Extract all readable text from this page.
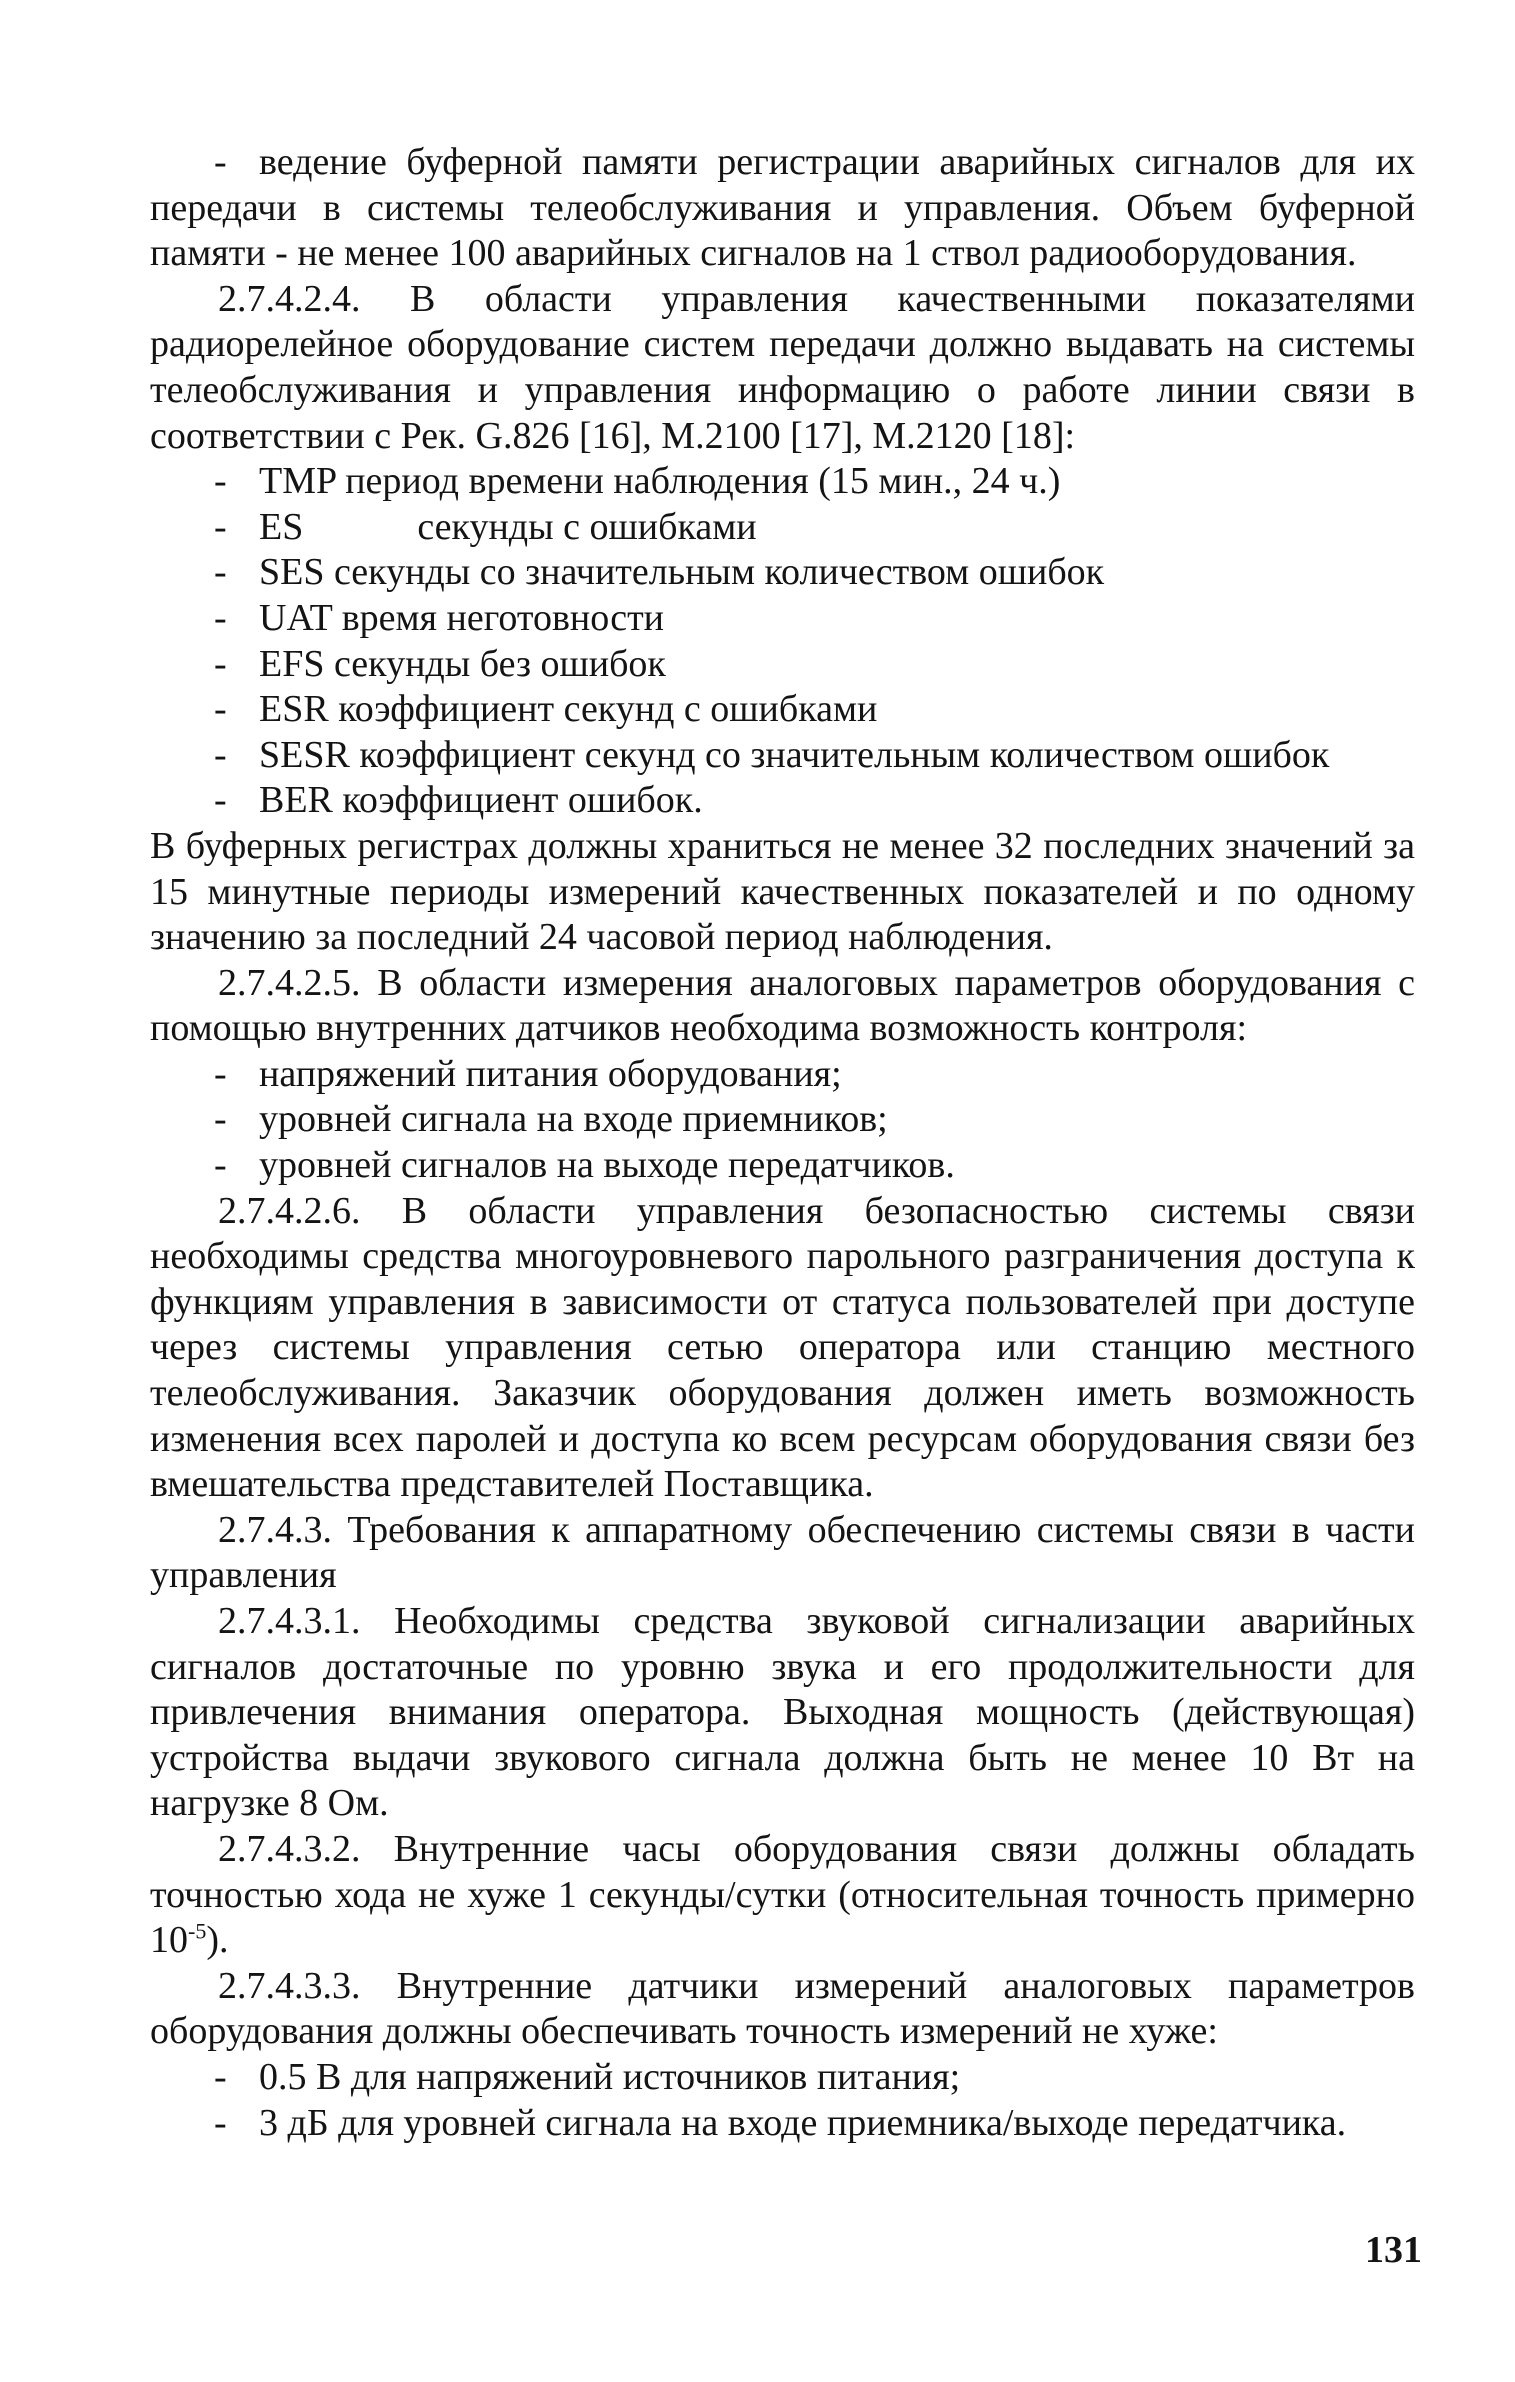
- ведение буферной памяти регистрации аварийных сигналов для их передачи в системы телеобслуживания и управления. Объем буферной памяти - не менее 100 аварийных сигналов на 1 ствол радиооборудования.

2.7.4.2.4. В области управления качественными показателями радиорелейное оборудование систем передачи должно выдавать на системы телеобслуживания и управления информацию о работе линии связи в соответствии с Рек. G.826 [16], M.2100 [17], M.2120 [18]:

- TMP период времени наблюдения (15 мин., 24 ч.)
- ES            секунды с ошибками
- SES секунды со значительным количеством ошибок
- UAT время неготовности
- EFS секунды без ошибок
- ESR коэффициент секунд с ошибками
- SESR коэффициент секунд со значительным количеством ошибок
- BER коэффициент ошибок.

В буферных регистрах должны храниться не менее 32 последних значений за 15 минутные периоды измерений качественных показателей и по одному значению за последний 24 часовой период наблюдения.

2.7.4.2.5. В области измерения аналоговых параметров оборудования с помощью внутренних датчиков необходима возможность контроля:

- напряжений питания оборудования;
- уровней сигнала на входе приемников;
- уровней сигналов на выходе передатчиков.

2.7.4.2.6. В области управления безопасностью системы связи необходимы средства многоуровневого парольного разграничения доступа к функциям управления в зависимости от статуса пользователей при доступе через системы управления сетью оператора или станцию местного телеобслуживания. Заказчик оборудования должен иметь возможность изменения всех паролей и доступа ко всем ресурсам оборудования связи без вмешательства представителей Поставщика.

2.7.4.3. Требования к аппаратному обеспечению системы связи в части управления

2.7.4.3.1. Необходимы средства звуковой сигнализации аварийных сигналов достаточные по уровню звука и его продолжительности для привлечения внимания оператора. Выходная мощность (действующая) устройства выдачи звукового сигнала должна быть не менее 10 Вт на нагрузке 8 Ом.

2.7.4.3.2. Внутренние часы оборудования связи должны обладать точностью хода не хуже 1 секунды/сутки (относительная точность примерно $10^{-5}$).

2.7.4.3.3. Внутренние датчики измерений аналоговых параметров оборудования должны обеспечивать точность измерений не хуже:

- 0.5 В для напряжений источников питания;
- 3 дБ для уровней сигнала на входе приемника/выходе передатчика.
131
